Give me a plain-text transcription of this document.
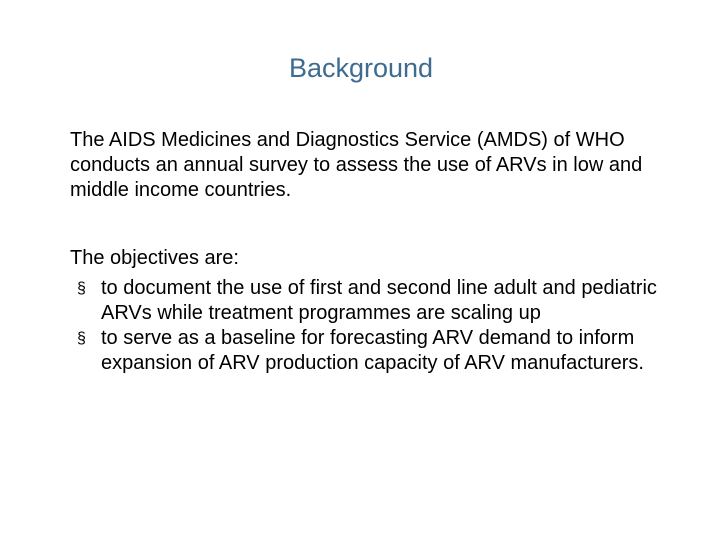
Background
The AIDS Medicines and Diagnostics Service (AMDS) of WHO conducts an annual survey to assess the use of ARVs in low and middle income countries.
The objectives are:
§ to document the use of first and second line adult and pediatric ARVs while treatment programmes are scaling up
§ to serve as a baseline for forecasting ARV demand to inform expansion of ARV production capacity of ARV manufacturers.
